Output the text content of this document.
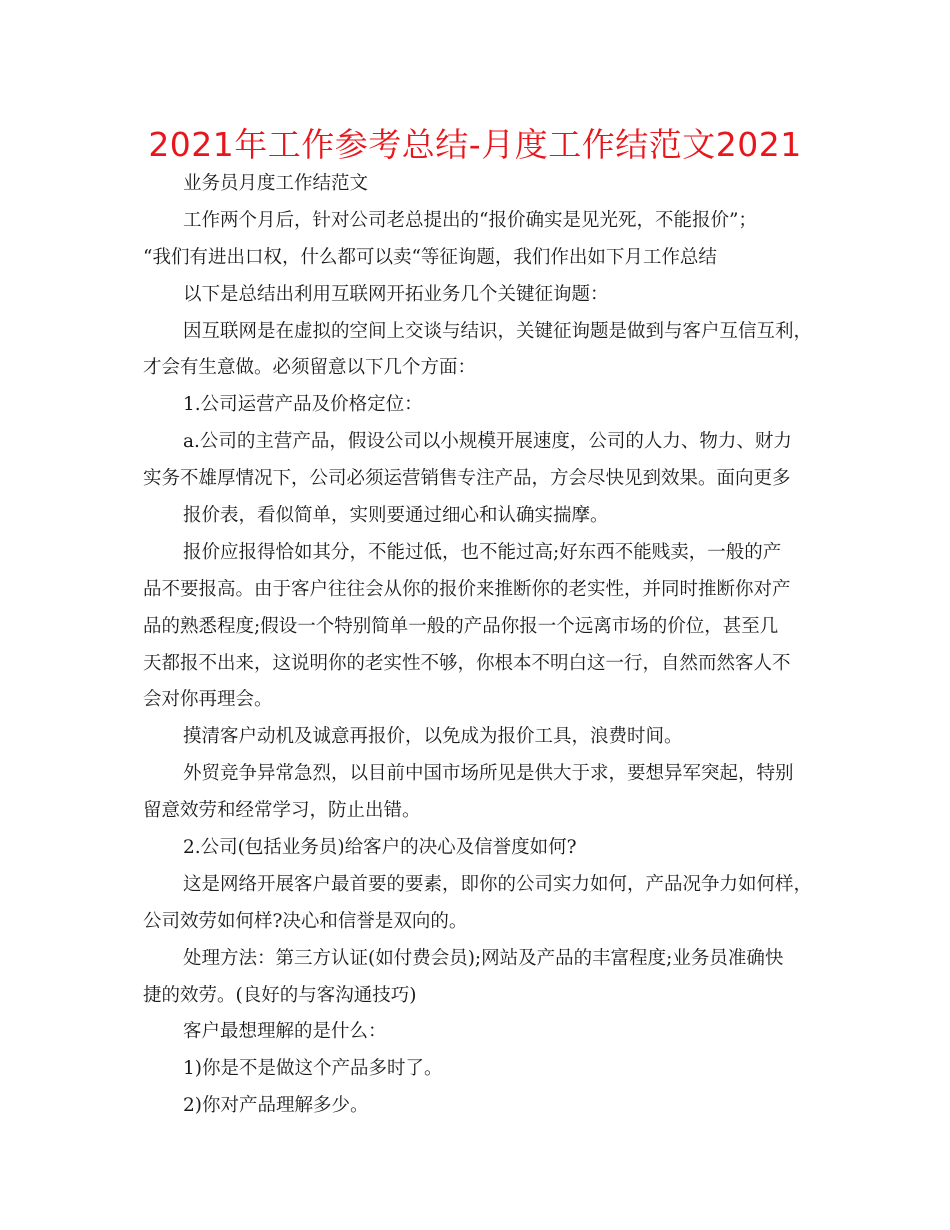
2021年工作参考总结-月度工作结范文2021
业务员月度工作结范文
工作两个月后，针对公司老总提出的“报价确实是见光死，不能报价”；
“我们有进出口权，什么都可以卖“等征询题，我们作出如下月工作总结
以下是总结出利用互联网开拓业务几个关键征询题：
因互联网是在虚拟的空间上交谈与结识，关键征询题是做到与客户互信互利，
才会有生意做。必须留意以下几个方面：
1.公司运营产品及价格定位：
a.公司的主营产品，假设公司以小规模开展速度，公司的人力、物力、财力
实务不雄厚情况下，公司必须运营销售专注产品，方会尽快见到效果。面向更多
报价表，看似简单，实则要通过细心和认确实揣摩。
报价应报得恰如其分，不能过低，也不能过高;好东西不能贱卖，一般的产
品不要报高。由于客户往往会从你的报价来推断你的老实性，并同时推断你对产
品的熟悉程度;假设一个特别简单一般的产品你报一个远离市场的价位，甚至几
天都报不出来，这说明你的老实性不够，你根本不明白这一行，自然而然客人不
会对你再理会。
摸清客户动机及诚意再报价，以免成为报价工具，浪费时间。
外贸竞争异常急烈，以目前中国市场所见是供大于求，要想异军突起，特别
留意效劳和经常学习，防止出错。
2.公司(包括业务员)给客户的决心及信誉度如何?
这是网络开展客户最首要的要素，即你的公司实力如何，产品况争力如何样，
公司效劳如何样?决心和信誉是双向的。
处理方法：第三方认证(如付费会员);网站及产品的丰富程度;业务员准确快
捷的效劳。(良好的与客沟通技巧)
客户最想理解的是什么：
1)你是不是做这个产品多时了。
2)你对产品理解多少。
